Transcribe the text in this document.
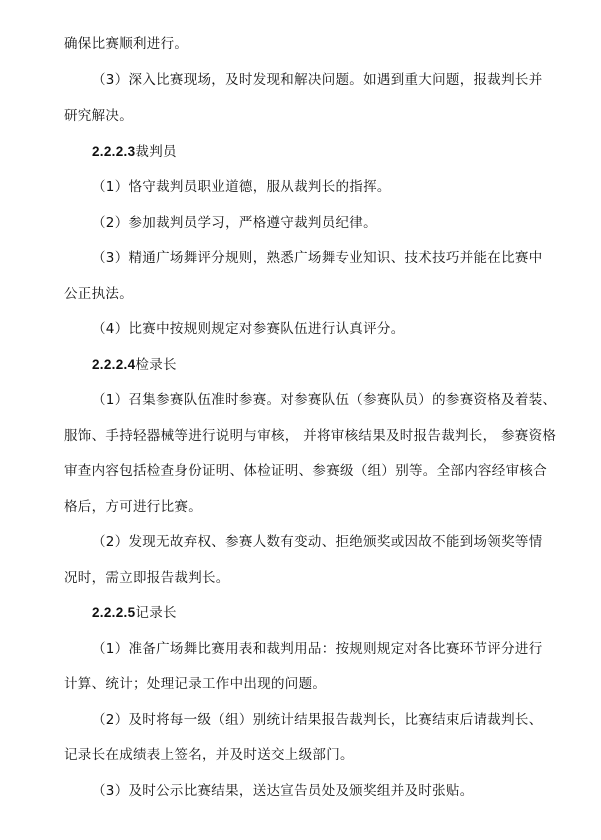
确保比赛顺利进行。
（3）深入比赛现场，及时发现和解决问题。如遇到重大问题，报裁判长并
研究解决。
2.2.2.3裁判员
（1）恪守裁判员职业道德，服从裁判长的指挥。
（2）参加裁判员学习，严格遵守裁判员纪律。
（3）精通广场舞评分规则，熟悉广场舞专业知识、技术技巧并能在比赛中
公正执法。
（4）比赛中按规则规定对参赛队伍进行认真评分。
2.2.2.4检录长
（1）召集参赛队伍准时参赛。对参赛队伍（参赛队员）的参赛资格及着装、
服饰、手持轻器械等进行说明与审核， 并将审核结果及时报告裁判长， 参赛资格
审查内容包括检查身份证明、体检证明、参赛级（组）别等。全部内容经审核合
格后，方可进行比赛。
（2）发现无故弃权、参赛人数有变动、拒绝颁奖或因故不能到场领奖等情
况时，需立即报告裁判长。
2.2.2.5记录长
（1）准备广场舞比赛用表和裁判用品：按规则规定对各比赛环节评分进行
计算、统计；处理记录工作中出现的问题。
（2）及时将每一级（组）别统计结果报告裁判长，比赛结束后请裁判长、
记录长在成绩表上签名，并及时送交上级部门。
（3）及时公示比赛结果，送达宣告员处及颁奖组并及时张贴。
